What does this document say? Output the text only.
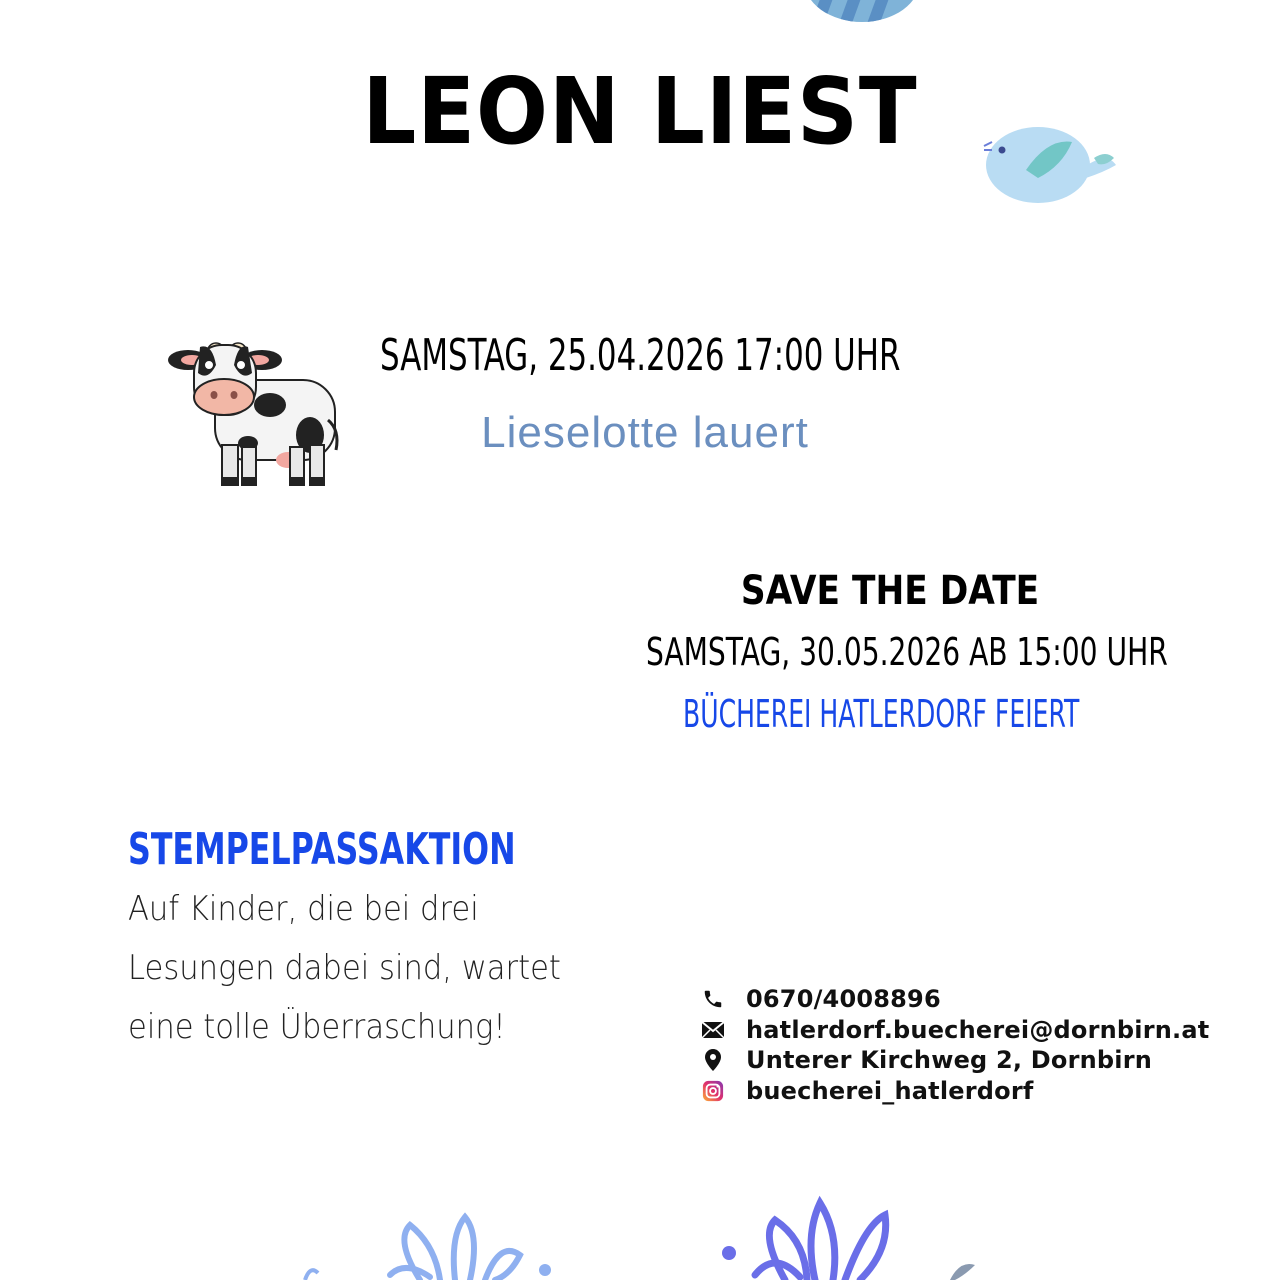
LEON LIEST
SAMSTAG, 25.04.2026 17:00 UHR
Lieselotte lauert
SAVE THE DATE
SAMSTAG, 30.05.2026 AB 15:00 UHR
BÜCHEREI HATLERDORF FEIERT
STEMPELPASSAKTION
Auf Kinder, die bei drei
Lesungen dabei sind, wartet
eine tolle Überraschung!
0670/4008896
hatlerdorf.buecherei@dornbirn.at
Unterer Kirchweg 2, Dornbirn
buecherei_hatlerdorf
